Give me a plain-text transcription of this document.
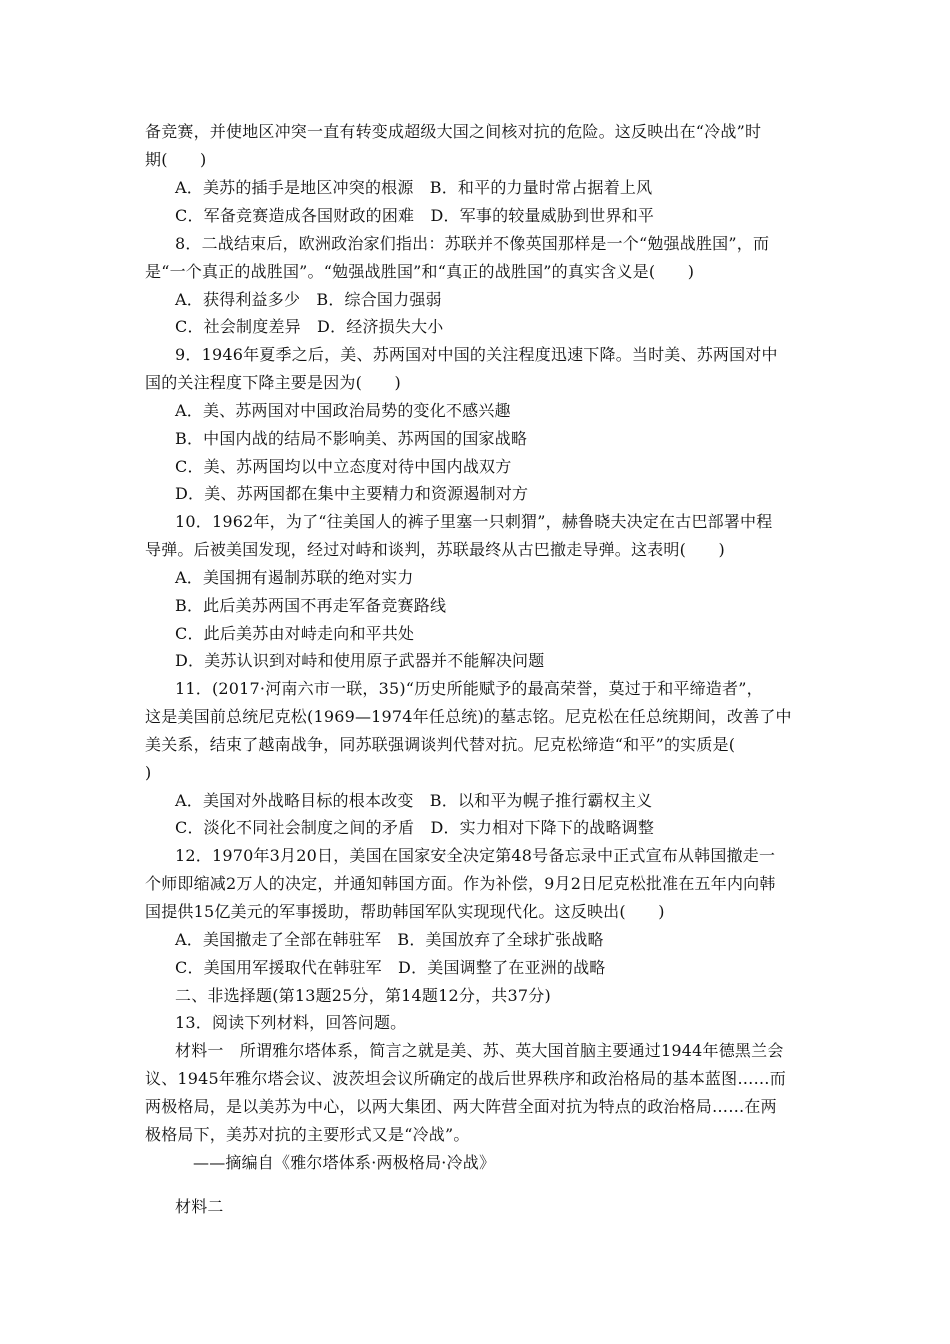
备竞赛，并使地区冲突一直有转变成超级大国之间核对抗的危险。这反映出在“冷战”时
期(　　)
A．美苏的插手是地区冲突的根源　B．和平的力量时常占据着上风
C．军备竞赛造成各国财政的困难　D．军事的较量威胁到世界和平
8．二战结束后，欧洲政治家们指出：苏联并不像英国那样是一个“勉强战胜国”，而
是“一个真正的战胜国”。“勉强战胜国”和“真正的战胜国”的真实含义是(　　)
A．获得利益多少　B．综合国力强弱
C．社会制度差异　D．经济损失大小
9．1946年夏季之后，美、苏两国对中国的关注程度迅速下降。当时美、苏两国对中
国的关注程度下降主要是因为(　　)
A．美、苏两国对中国政治局势的变化不感兴趣
B．中国内战的结局不影响美、苏两国的国家战略
C．美、苏两国均以中立态度对待中国内战双方
D．美、苏两国都在集中主要精力和资源遏制对方
10．1962年，为了“往美国人的裤子里塞一只刺猬”，赫鲁晓夫决定在古巴部署中程
导弹。后被美国发现，经过对峙和谈判，苏联最终从古巴撤走导弹。这表明(　　)
A．美国拥有遏制苏联的绝对实力
B．此后美苏两国不再走军备竞赛路线
C．此后美苏由对峙走向和平共处
D．美苏认识到对峙和使用原子武器并不能解决问题
11．(2017·河南六市一联，35)“历史所能赋予的最高荣誉，莫过于和平缔造者”，
这是美国前总统尼克松(1969—1974年任总统)的墓志铭。尼克松在任总统期间，改善了中
美关系，结束了越南战争，同苏联强调谈判代替对抗。尼克松缔造“和平”的实质是(
)
A．美国对外战略目标的根本改变　B．以和平为幌子推行霸权主义
C．淡化不同社会制度之间的矛盾　D．实力相对下降下的战略调整
12．1970年3月20日，美国在国家安全决定第48号备忘录中正式宣布从韩国撤走一
个师即缩减2万人的决定，并通知韩国方面。作为补偿，9月2日尼克松批准在五年内向韩
国提供15亿美元的军事援助，帮助韩国军队实现现代化。这反映出(　　)
A．美国撤走了全部在韩驻军　B．美国放弃了全球扩张战略
C．美国用军援取代在韩驻军　D．美国调整了在亚洲的战略
二、非选择题(第13题25分，第14题12分，共37分)
13．阅读下列材料，回答问题。
材料一　所谓雅尔塔体系，简言之就是美、苏、英大国首脑主要通过1944年德黑兰会
议、1945年雅尔塔会议、波茨坦会议所确定的战后世界秩序和政治格局的基本蓝图……而
两极格局，是以美苏为中心，以两大集团、两大阵营全面对抗为特点的政治格局……在两
极格局下，美苏对抗的主要形式又是“冷战”。
——摘编自《雅尔塔体系·两极格局·冷战》
材料二
